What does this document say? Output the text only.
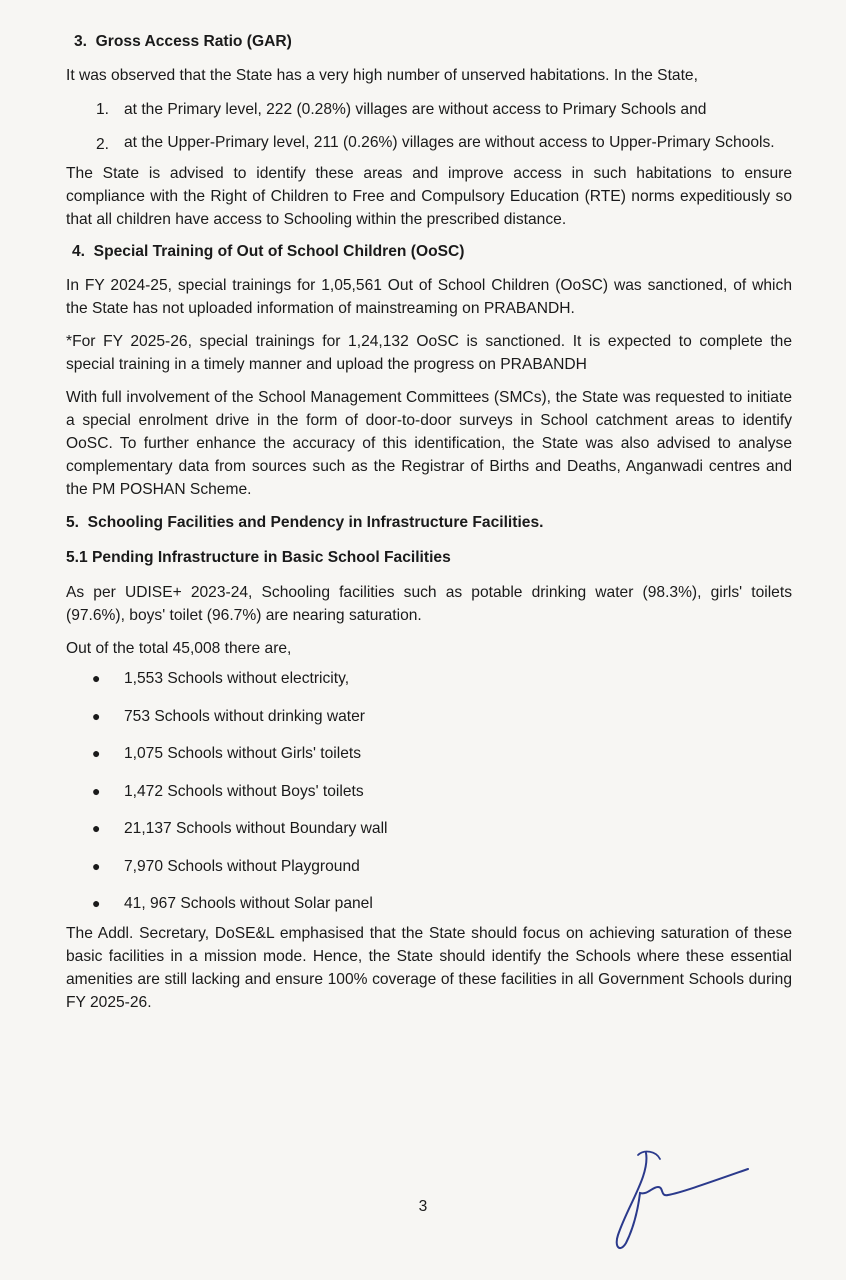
3.  Gross Access Ratio (GAR)

It was observed that the State has a very high number of unserved habitations. In the State,

1. at the Primary level, 222 (0.28%) villages are without access to Primary Schools and
2. at the Upper-Primary level, 211 (0.26%) villages are without access to Upper-Primary Schools.

The State is advised to identify these areas and improve access in such habitations to ensure compliance with the Right of Children to Free and Compulsory Education (RTE) norms expeditiously so that all children have access to Schooling within the prescribed distance.

4.  Special Training of Out of School Children (OoSC)

In FY 2024-25, special trainings for 1,05,561 Out of School Children (OoSC) was sanctioned, of which the State has not uploaded information of mainstreaming on PRABANDH.

*For FY 2025-26, special trainings for 1,24,132 OoSC is sanctioned. It is expected to complete the special training in a timely manner and upload the progress on PRABANDH

With full involvement of the School Management Committees (SMCs), the State was requested to initiate a special enrolment drive in the form of door-to-door surveys in School catchment areas to identify OoSC. To further enhance the accuracy of this identification, the State was also advised to analyse complementary data from sources such as the Registrar of Births and Deaths, Anganwadi centres and the PM POSHAN Scheme.

5.  Schooling Facilities and Pendency in Infrastructure Facilities.
5.1 Pending Infrastructure in Basic School Facilities

As per UDISE+ 2023-24, Schooling facilities such as potable drinking water (98.3%), girls' toilets (97.6%), boys' toilet (96.7%) are nearing saturation.

Out of the total 45,008 there are,

●	1,553 Schools without electricity,
●	753 Schools without drinking water
●	1,075 Schools without Girls' toilets
●	1,472 Schools without Boys' toilets
●	21,137 Schools without Boundary wall
●	7,970 Schools without Playground
●	41, 967 Schools without Solar panel

The Addl. Secretary, DoSE&L emphasised that the State should focus on achieving saturation of these basic facilities in a mission mode. Hence, the State should identify the Schools where these essential amenities are still lacking and ensure 100% coverage of these facilities in all Government Schools during FY 2025-26.

3
